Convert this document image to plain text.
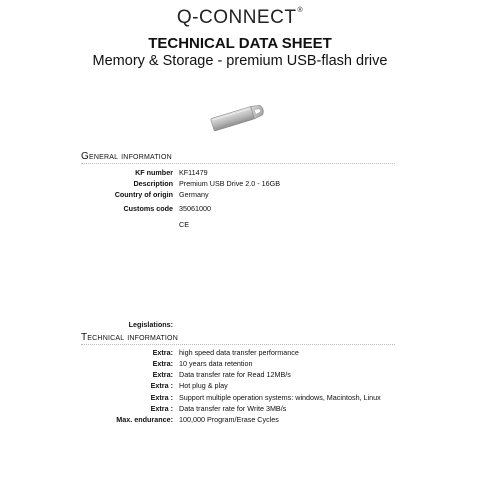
Q-CONNECT®
TECHNICAL DATA SHEET
Memory & Storage - premium USB-flash drive
General information
KF number KF11479
Description Premium USB Drive 2.0 - 16GB
Country of origin Germany
Customs code 35061000
CE
Legislations:
Technical information
Extra: high speed data transfer performance
Extra: 10 years data retention
Extra: Data transfer rate for Read 12MB/s
Extra : Hot plug & play
Extra : Support multiple operation systems: windows, Macintosh, Linux
Extra : Data transfer rate for Write 3MB/s
Max. endurance: 100,000 Program/Erase Cycles
